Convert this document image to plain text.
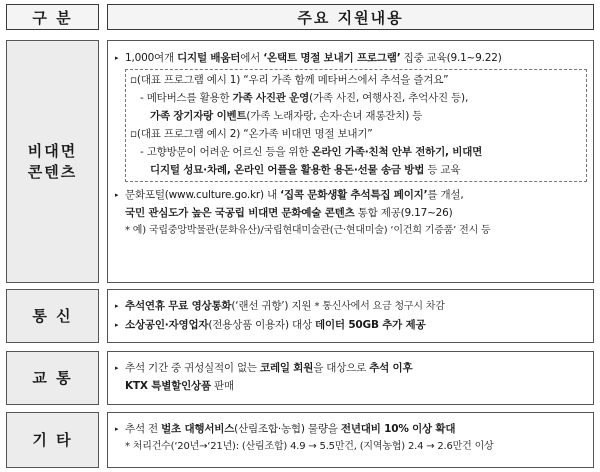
구 분	주요 지원내용
비대면
콘텐츠
▸ 1,000여개 디지털 배움터에서 ‘온택트 명절 보내기 프로그램’ 집중 교육(9.1~9.22)
▫(대표 프로그램 예시 1) “우리 가족 함께 메타버스에서 추석을 즐겨요”
- 메타버스를 활용한 가족 사진관 운영(가족 사진, 여행사진, 추억사진 등),
가족 장기자랑 이벤트(가족 노래자랑, 손자·손녀 재롱잔치) 등
▫(대표 프로그램 예시 2) “온가족 비대면 명절 보내기”
- 고향방문이 어려운 어르신 등을 위한 온라인 가족·친척 안부 전하기, 비대면
디지털 성묘·차례, 온라인 어플을 활용한 용돈·선물 송금 방법 등 교육
▸ 문화포털(www.culture.go.kr) 내 ‘집콕 문화생활 추석특집 페이지’를 개설,
국민 관심도가 높은 국공립 비대면 문화예술 콘텐츠 통합 제공(9.17~26)
* 예) 국립중앙박물관(문화유산)/국립현대미술관(근·현대미술) ‘이건희 기증품’ 전시 등
통 신
▸ 추석연휴 무료 영상통화(‘랜선 귀향’) 지원 * 통신사에서 요금 청구시 차감
▸ 소상공인·자영업자(전용상품 이용자) 대상 데이터 50GB 추가 제공
교 통
▸ 추석 기간 중 귀성실적이 없는 코레일 회원을 대상으로 추석 이후
KTX 특별할인상품 판매
기 타
▸ 추석 전 벌초 대행서비스(산림조합·농협) 물량을 전년대비 10% 이상 확대
* 처리건수(‘20년→‘21년): (산림조합) 4.9 → 5.5만건, (지역농협) 2.4 → 2.6만건 이상
